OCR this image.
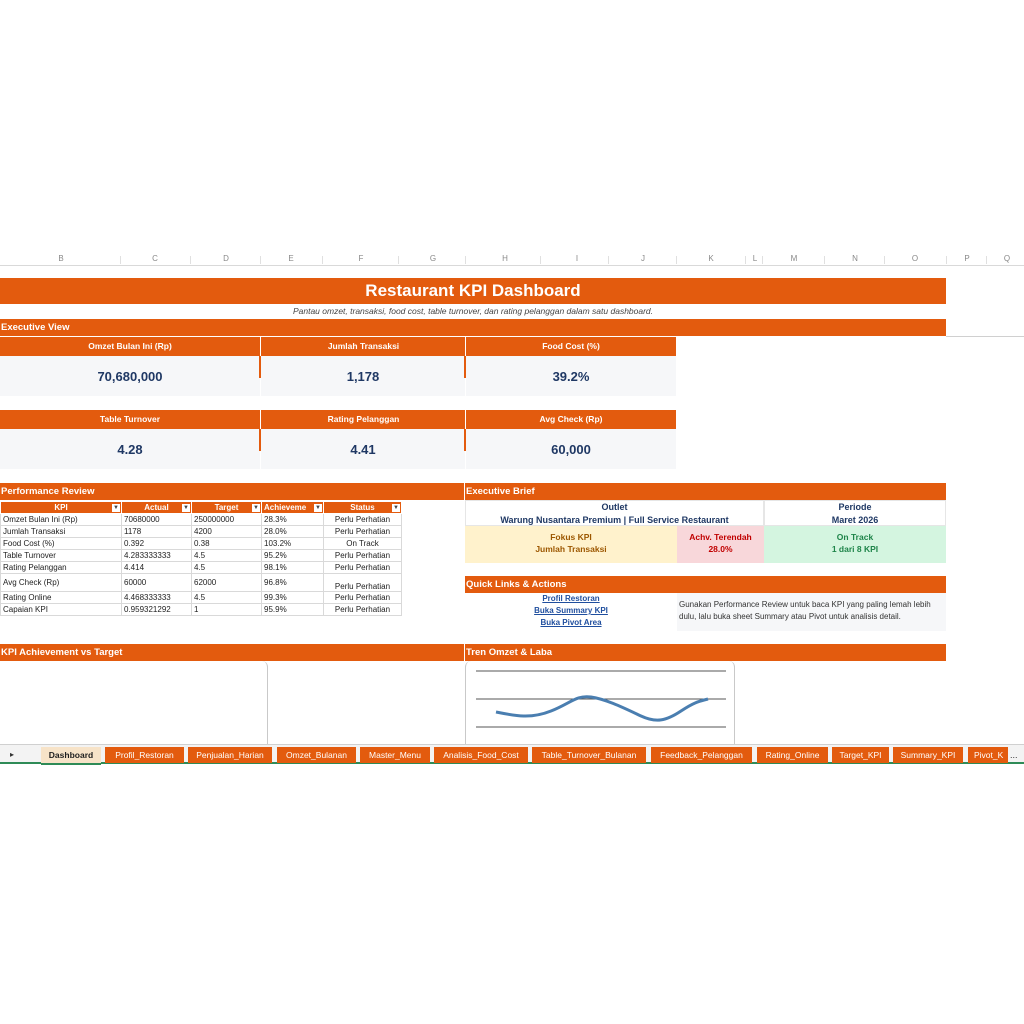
B	C	D	E	F	G	H	I	J	K	L	M	N	O	P	Q
Restaurant KPI Dashboard
Pantau omzet, transaksi, food cost, table turnover, dan rating pelanggan dalam satu dashboard.
Executive View
Omzet Bulan Ini (Rp)	Jumlah Transaksi	Food Cost (%)
70,680,000	1,178	39.2%
Table Turnover	Rating Pelanggan	Avg Check (Rp)
4.28	4.41	60,000
Performance Review
KPI ▼	Actual ▼	Target ▼	Achieveme ▼	Status ▼

Omzet Bulan Ini (Rp)	70680000	250000000	28.3%	Perlu Perhatian
Jumlah Transaksi	1178	4200	28.0%	Perlu Perhatian
Food Cost (%)	0.392	0.38	103.2%	On Track
Table Turnover	4.283333333	4.5	95.2%	Perlu Perhatian
Rating Pelanggan	4.414	4.5	98.1%	Perlu Perhatian
Avg Check (Rp)	60000	62000	96.8%	Perlu Perhatian
Rating Online	4.468333333	4.5	99.3%	Perlu Perhatian
Capaian KPI	0.959321292	1	95.9%	Perlu Perhatian
Executive Brief
Outlet
Warung Nusantara Premium | Full Service Restaurant
Periode
Maret 2026
Fokus KPI
Jumlah Transaksi
Achv. Terendah
28.0%
On Track
1 dari 8 KPI
Quick Links & Actions
Profil Restoran
Buka Summary KPI
Buka Pivot Area
Gunakan Performance Review untuk baca KPI yang paling lemah lebih dulu, lalu buka sheet Summary atau Pivot untuk analisis detail.
KPI Achievement vs Target	Tren Omzet & Laba
▸	Dashboard	Profil_Restoran	Penjualan_Harian	Omzet_Bulanan	Master_Menu	Analisis_Food_Cost	Table_Turnover_Bulanan	Feedback_Pelanggan	Rating_Online	Target_KPI	Summary_KPI	Pivot_K ...
